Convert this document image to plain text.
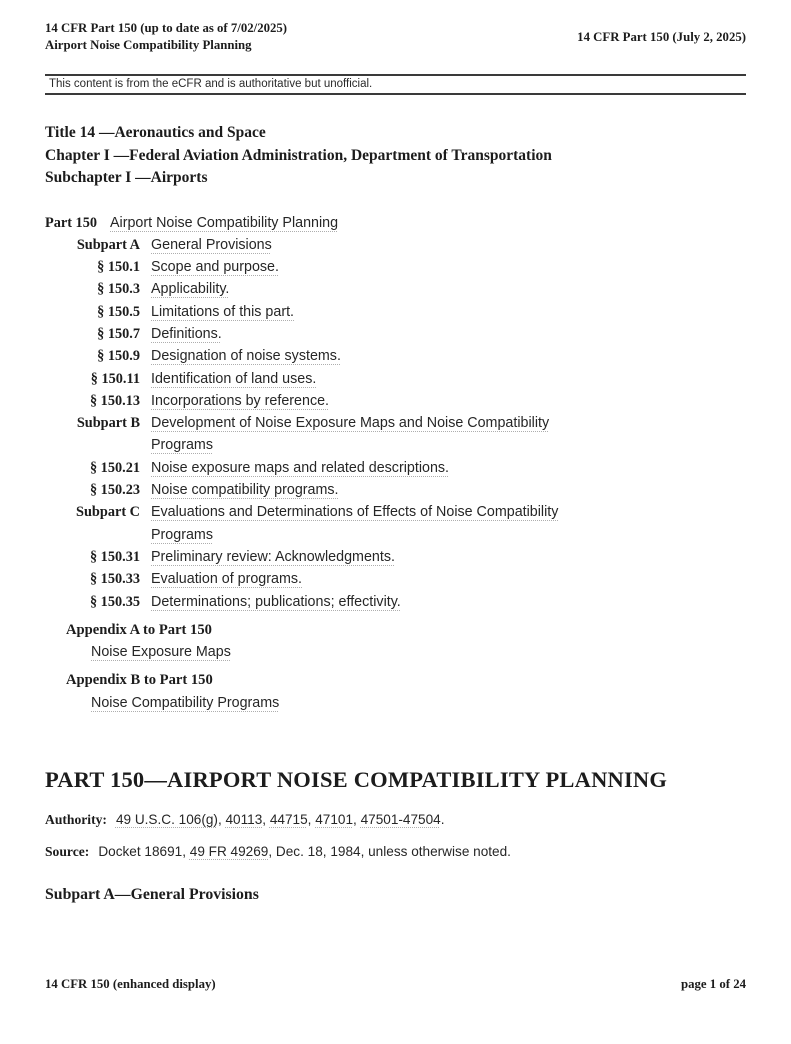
14 CFR Part 150 (up to date as of 7/02/2025)
Airport Noise Compatibility Planning
14 CFR Part 150 (July 2, 2025)
This content is from the eCFR and is authoritative but unofficial.
Title 14 —Aeronautics and Space
Chapter I —Federal Aviation Administration, Department of Transportation
Subchapter I —Airports
Part 150 Airport Noise Compatibility Planning
Subpart A General Provisions
§ 150.1 Scope and purpose.
§ 150.3 Applicability.
§ 150.5 Limitations of this part.
§ 150.7 Definitions.
§ 150.9 Designation of noise systems.
§ 150.11 Identification of land uses.
§ 150.13 Incorporations by reference.
Subpart B Development of Noise Exposure Maps and Noise Compatibility Programs
§ 150.21 Noise exposure maps and related descriptions.
§ 150.23 Noise compatibility programs.
Subpart C Evaluations and Determinations of Effects of Noise Compatibility Programs
§ 150.31 Preliminary review: Acknowledgments.
§ 150.33 Evaluation of programs.
§ 150.35 Determinations; publications; effectivity.
Appendix A to Part 150
Noise Exposure Maps
Appendix B to Part 150
Noise Compatibility Programs
PART 150—AIRPORT NOISE COMPATIBILITY PLANNING

Authority: 49 U.S.C. 106(g), 40113, 44715, 47101, 47501-47504.

Source: Docket 18691, 49 FR 49269, Dec. 18, 1984, unless otherwise noted.

Subpart A—General Provisions
14 CFR 150 (enhanced display)	page 1 of 24
